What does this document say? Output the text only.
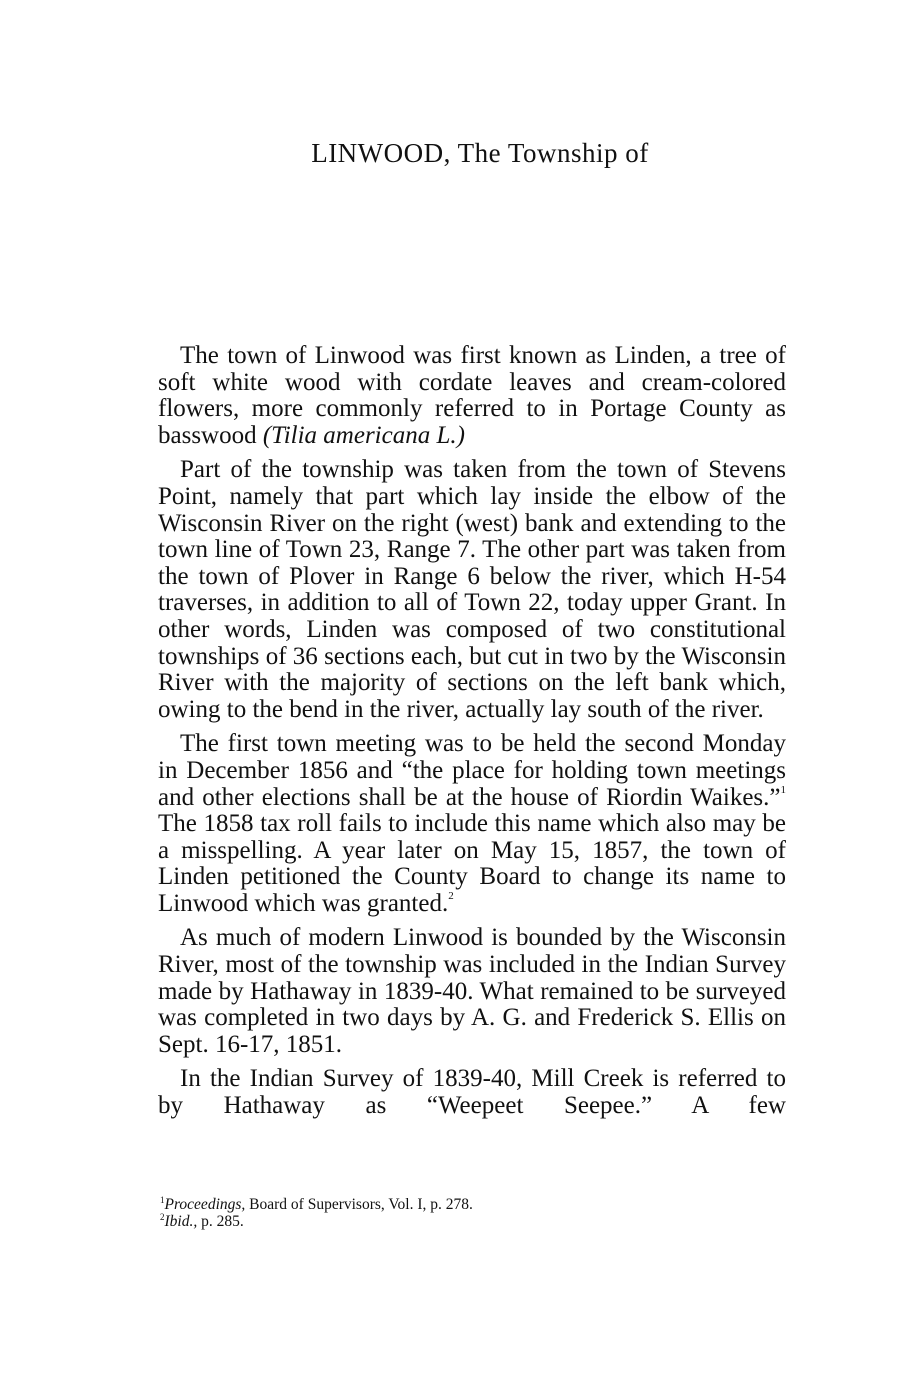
LINWOOD, The Township of

The town of Linwood was first known as Linden, a tree of soft white wood with cordate leaves and cream-colored flowers, more commonly referred to in Portage County as basswood (Tilia americana L.)

Part of the township was taken from the town of Stevens Point, namely that part which lay inside the elbow of the Wisconsin River on the right (west) bank and extending to the town line of Town 23, Range 7. The other part was taken from the town of Plover in Range 6 below the river, which H-54 traverses, in addition to all of Town 22, today upper Grant. In other words, Linden was composed of two constitutional townships of 36 sections each, but cut in two by the Wisconsin River with the majority of sections on the left bank which, owing to the bend in the river, actually lay south of the river.

The first town meeting was to be held the second Monday in December 1856 and “the place for holding town meetings and other elections shall be at the house of Riordin Waikes.”$^1$ The 1858 tax roll fails to include this name which also may be a misspelling. A year later on May 15, 1857, the town of Linden petitioned the County Board to change its name to Linwood which was granted.$^2$

As much of modern Linwood is bounded by the Wisconsin River, most of the township was included in the Indian Survey made by Hathaway in 1839-40. What remained to be surveyed was completed in two days by A. G. and Frederick S. Ellis on Sept. 16-17, 1851.

In the Indian Survey of 1839-40, Mill Creek is referred to by Hathaway as “Weepeet Seepee.” A few

$^1$Proceedings, Board of Supervisors, Vol. I, p. 278.

$^2$Ibid., p. 285.
